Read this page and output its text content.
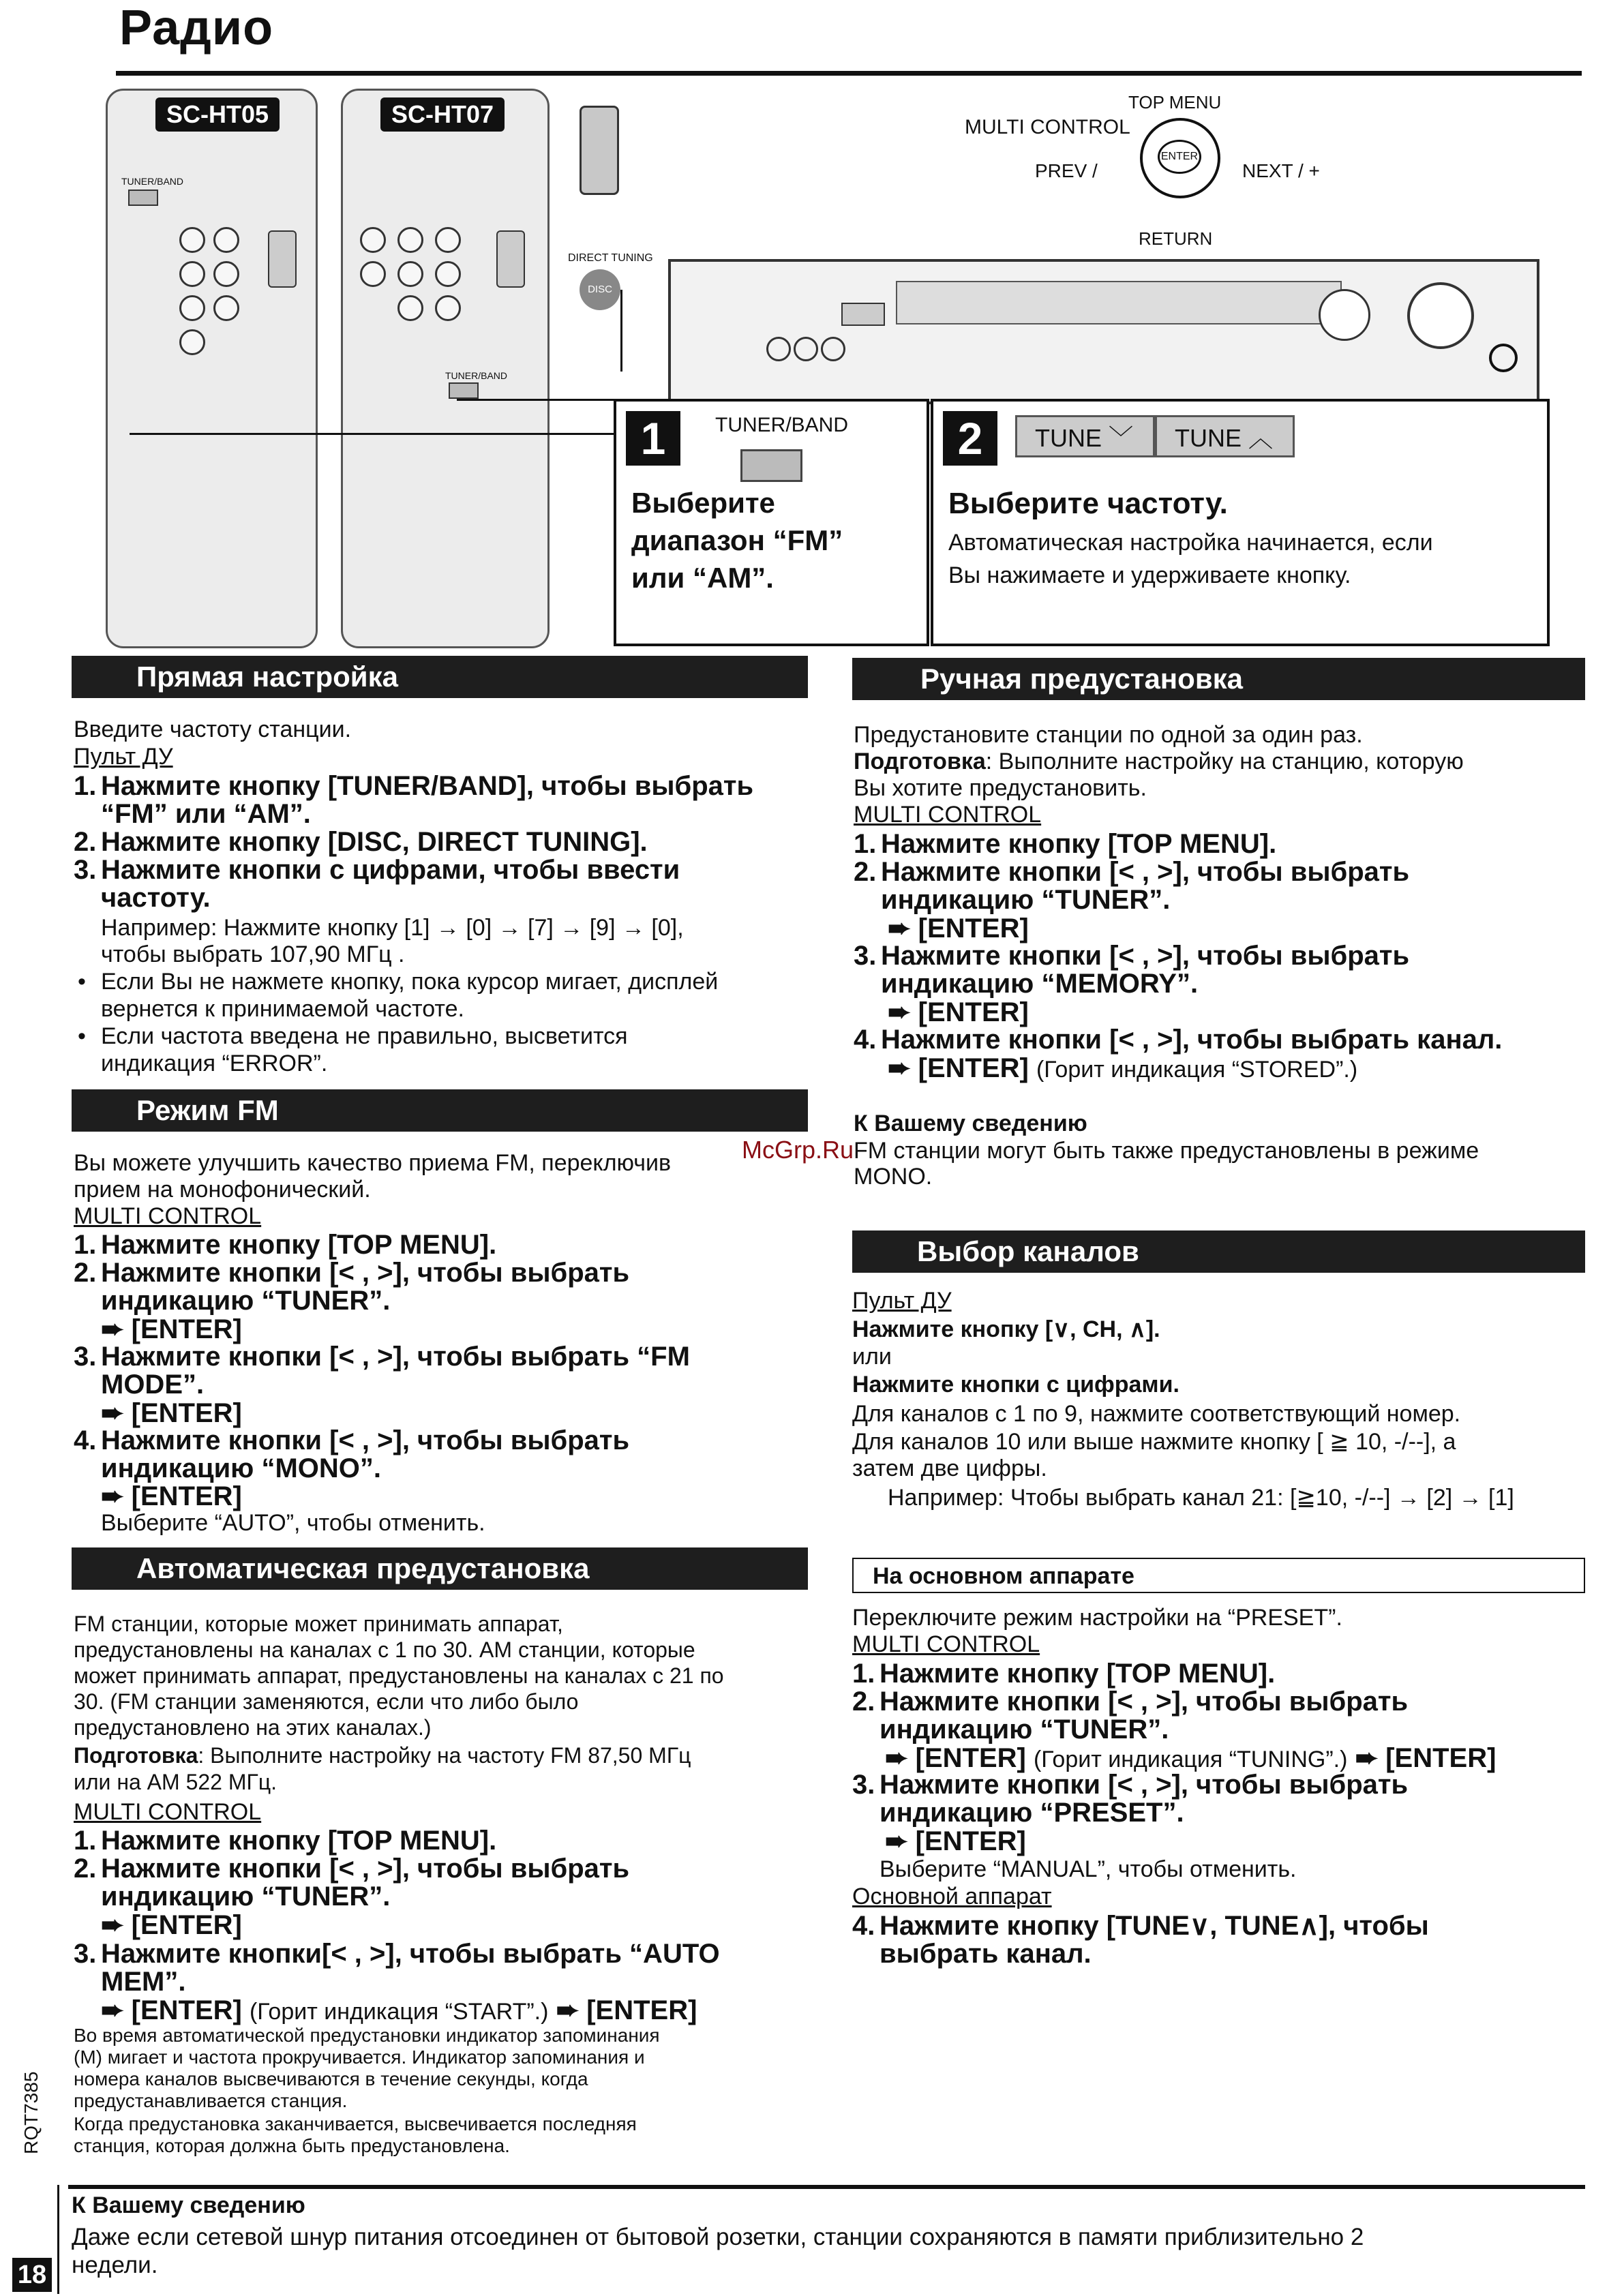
Радио
SC-HT05
TUNER/BAND
SC-HT07
TUNER/BAND
DIRECT TUNING
DISC
TOP MENU
MULTI CONTROL
PREV /	NEXT / +
ENTER
RETURN
1	TUNER/BAND
Выберите
диапазон “FM”
или “AM”.
2	TUNE ﹀	TUNE ︿
Выберите частоту.
Автоматическая настройка начинается, если
Вы нажимаете и удерживаете кнопку.
Прямая настройка
Введите частоту станции.
Пульт ДУ
1. Нажмите кнопку [TUNER/BAND], чтобы выбрать
“FM” или “AM”.
2. Нажмите кнопку [DISC, DIRECT TUNING].
3. Нажмите кнопки с цифрами, чтобы ввести
частоту.
Например: Нажмите кнопку [1] → [0] → [7] → [9] → [0],
чтобы выбрать 107,90 МГц .
• Если Вы не нажмете кнопку, пока курсор мигает, дисплей
вернется к принимаемой частоте.
• Если частота введена не правильно, высветится
индикация “ERROR”.
Режим FM
Вы можете улучшить качество приема FM, переключив
прием на монофонический.
MULTI CONTROL
1. Нажмите кнопку [TOP MENU].
2. Нажмите кнопки [< , >], чтобы выбрать
индикацию “TUNER”.
➨ [ENTER]
3. Нажмите кнопки [< , >], чтобы выбрать “FM
MODE”.
➨ [ENTER]
4. Нажмите кнопки [< , >], чтобы выбрать
индикацию “MONO”.
➨ [ENTER]
Выберите “AUTO”, чтобы отменить.
Автоматическая предустановка
FM станции, которые может принимать аппарат,
предустановлены на каналах с 1 по 30. AM станции, которые
может принимать аппарат, предустановлены на каналах с 21 по
30. (FM станции заменяются, если что либо было
предустановлено на этих каналах.)
Подготовка: Выполните настройку на частоту FM 87,50 МГц
или на AM 522 МГц.
MULTI CONTROL
1. Нажмите кнопку [TOP MENU].
2. Нажмите кнопки [< , >], чтобы выбрать
индикацию “TUNER”.
➨ [ENTER]
3. Нажмите кнопки[< , >], чтобы выбрать “AUTO
MEM”.
➨ [ENTER] (Горит индикация “START”.) ➨ [ENTER]
Во время автоматической предустановки индикатор запоминания
(M) мигает и частота прокручивается. Индикатор запоминания и
номера каналов высвечиваются в течение секунды, когда
предустанавливается станция.
Когда предустановка заканчивается, высвечивается последняя
станция, которая должна быть предустановлена.
Ручная предустановка
Предустановите станции по одной за один раз.
Подготовка: Выполните настройку на станцию, которую
Вы хотите предустановить.
MULTI CONTROL
1. Нажмите кнопку [TOP MENU].
2. Нажмите кнопки [< , >], чтобы выбрать
индикацию “TUNER”.
➨ [ENTER]
3. Нажмите кнопки [< , >], чтобы выбрать
индикацию “MEMORY”.
➨ [ENTER]
4. Нажмите кнопки [< , >], чтобы выбрать канал.
➨ [ENTER] (Горит индикация “STORED”.)
К Вашему сведению
FM станции могут быть также предустановлены в режиме
MONO.
McGrp.Ru
Выбор каналов
Пульт ДУ
Нажмите кнопку [∨, CH, ∧].
или
Нажмите кнопки с цифрами.
Для каналов с 1 по 9, нажмите соответствующий номер.
Для каналов 10 или выше нажмите кнопку [ ≧ 10, -/--], а
затем две цифры.
Например: Чтобы выбрать канал 21: [≧10, -/--] → [2] → [1]
На основном аппарате
Переключите режим настройки на “PRESET”.
MULTI CONTROL
1. Нажмите кнопку [TOP MENU].
2. Нажмите кнопки [< , >], чтобы выбрать
индикацию “TUNER”.
➨ [ENTER] (Горит индикация “TUNING”.) ➨ [ENTER]
3. Нажмите кнопки [< , >], чтобы выбрать
индикацию “PRESET”.
➨ [ENTER]
Выберите “MANUAL”, чтобы отменить.
Основной аппарат
4. Нажмите кнопку [TUNE∨, TUNE∧], чтобы
выбрать канал.
К Вашему сведению
Даже если сетевой шнур питания отсоединен от бытовой розетки, станции сохраняются в памяти приблизительно 2
недели.
RQT7385
18
